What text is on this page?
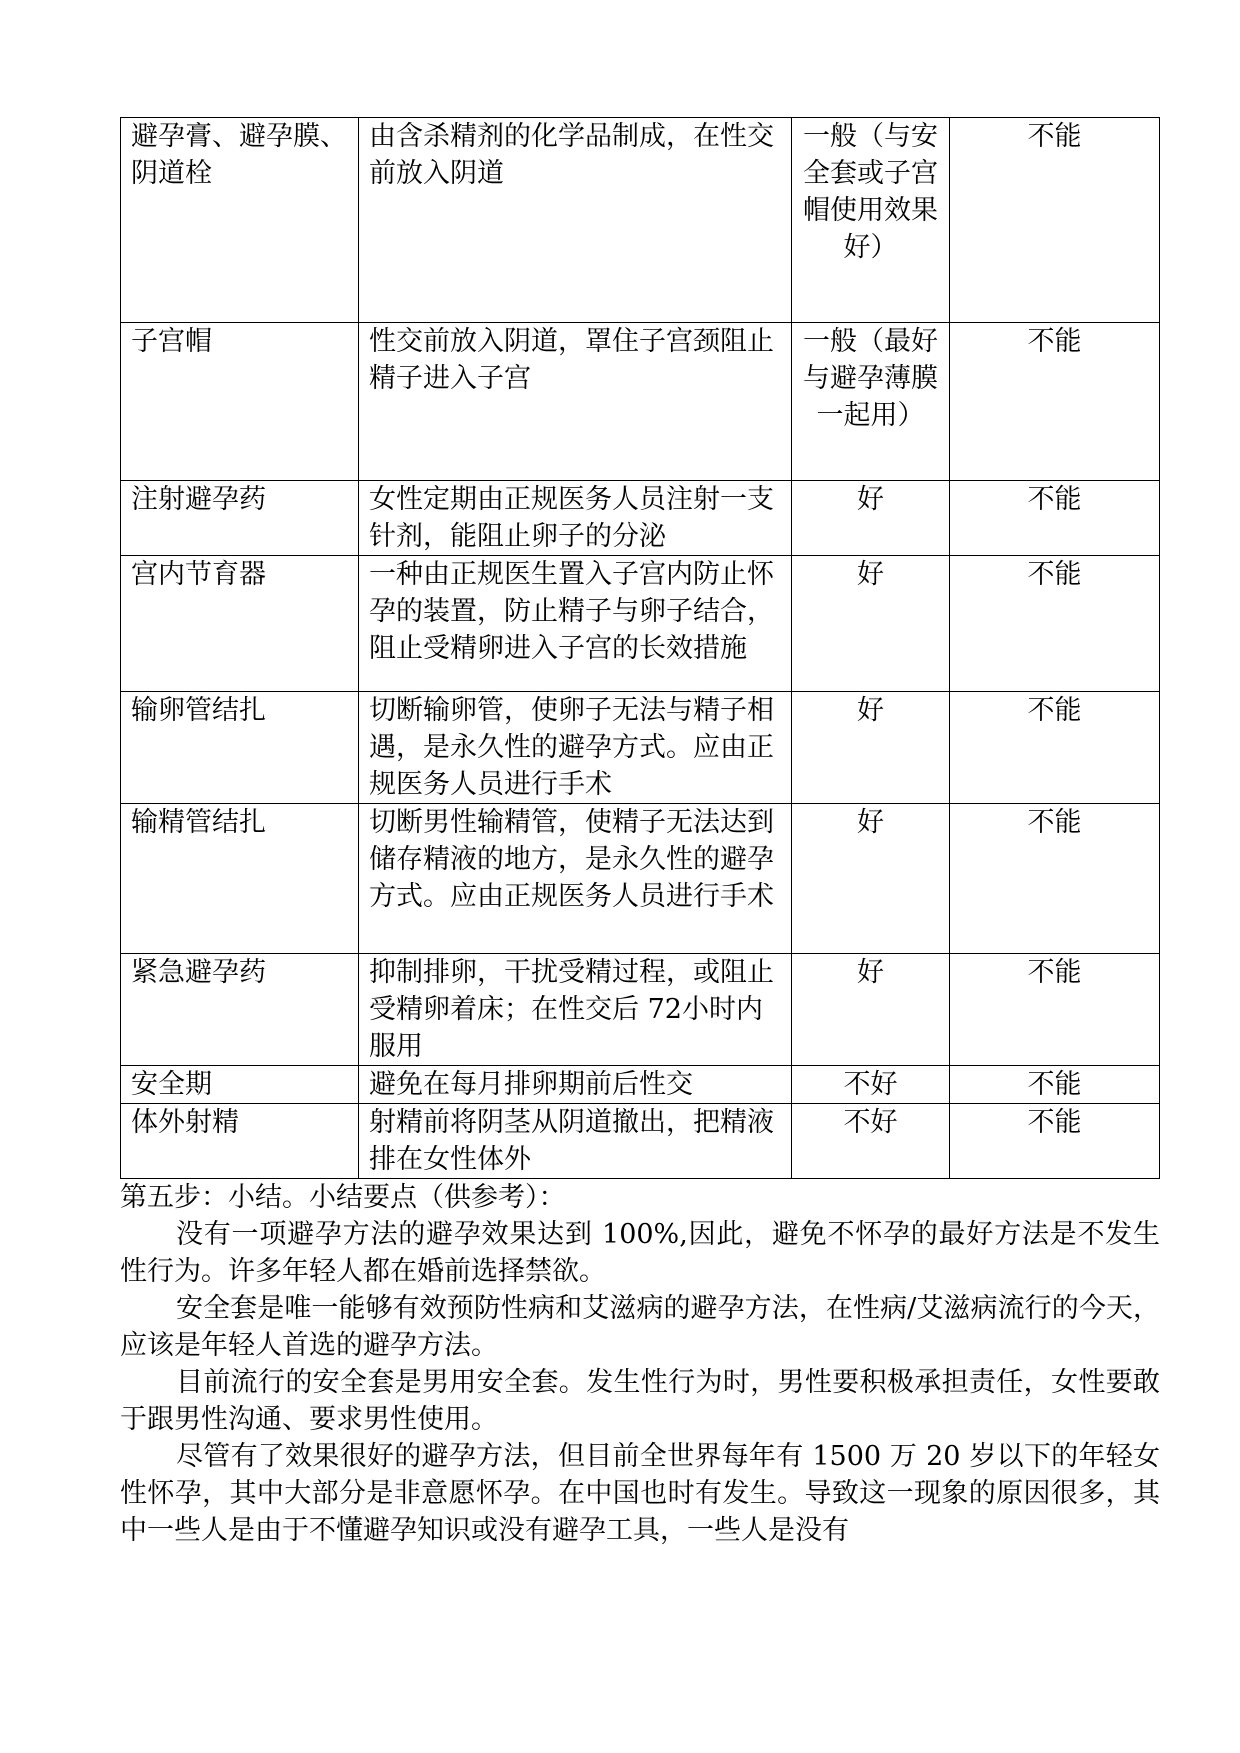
避孕膏、避孕膜、阴道栓	由含杀精剂的化学品制成，在性交前放入阴道	一般（与安全套或子宫帽使用效果好）	不能
子宫帽	性交前放入阴道，罩住子宫颈阻止精子进入子宫	一般（最好与避孕薄膜一起用）	不能
注射避孕药	女性定期由正规医务人员注射一支针剂，能阻止卵子的分泌	好	不能
宫内节育器	一种由正规医生置入子宫内防止怀孕的装置，防止精子与卵子结合，阻止受精卵进入子宫的长效措施	好	不能
输卵管结扎	切断输卵管，使卵子无法与精子相遇，是永久性的避孕方式。应由正规医务人员进行手术	好	不能
输精管结扎	切断男性输精管，使精子无法达到储存精液的地方，是永久性的避孕方式。应由正规医务人员进行手术	好	不能
紧急避孕药	抑制排卵，干扰受精过程，或阻止受精卵着床；在性交后 72小时内服用	好	不能
安全期	避免在每月排卵期前后性交	不好	不能
体外射精	射精前将阴茎从阴道撤出，把精液排在女性体外	不好	不能

第五步：小结。小结要点（供参考）：

没有一项避孕方法的避孕效果达到 100%,因此，避免不怀孕的最好方法是不发生性行为。许多年轻人都在婚前选择禁欲。

安全套是唯一能够有效预防性病和艾滋病的避孕方法，在性病/艾滋病流行的今天，应该是年轻人首选的避孕方法。

目前流行的安全套是男用安全套。发生性行为时，男性要积极承担责任，女性要敢于跟男性沟通、要求男性使用。

尽管有了效果很好的避孕方法，但目前全世界每年有 1500 万 20 岁以下的年轻女性怀孕，其中大部分是非意愿怀孕。在中国也时有发生。导致这一现象的原因很多，其中一些人是由于不懂避孕知识或没有避孕工具，一些人是没有
